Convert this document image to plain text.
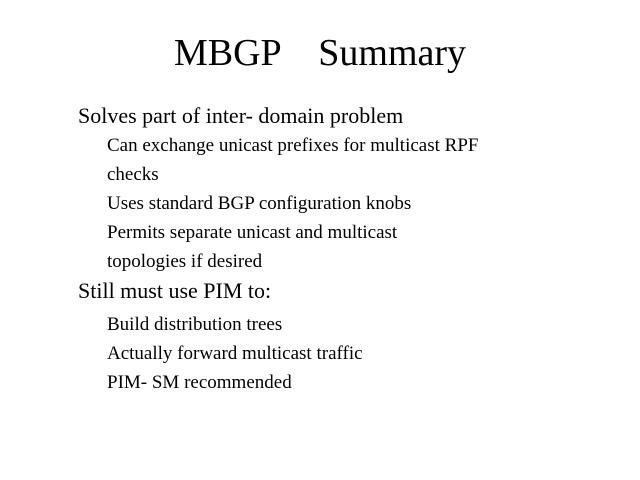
MBGP    Summary
Solves part of inter- domain problem
Can exchange unicast prefixes for multicast RPF
checks
Uses standard BGP configuration knobs
Permits separate unicast and multicast
topologies if desired
Still must use PIM to:
Build distribution trees
Actually forward multicast traffic
PIM- SM recommended
